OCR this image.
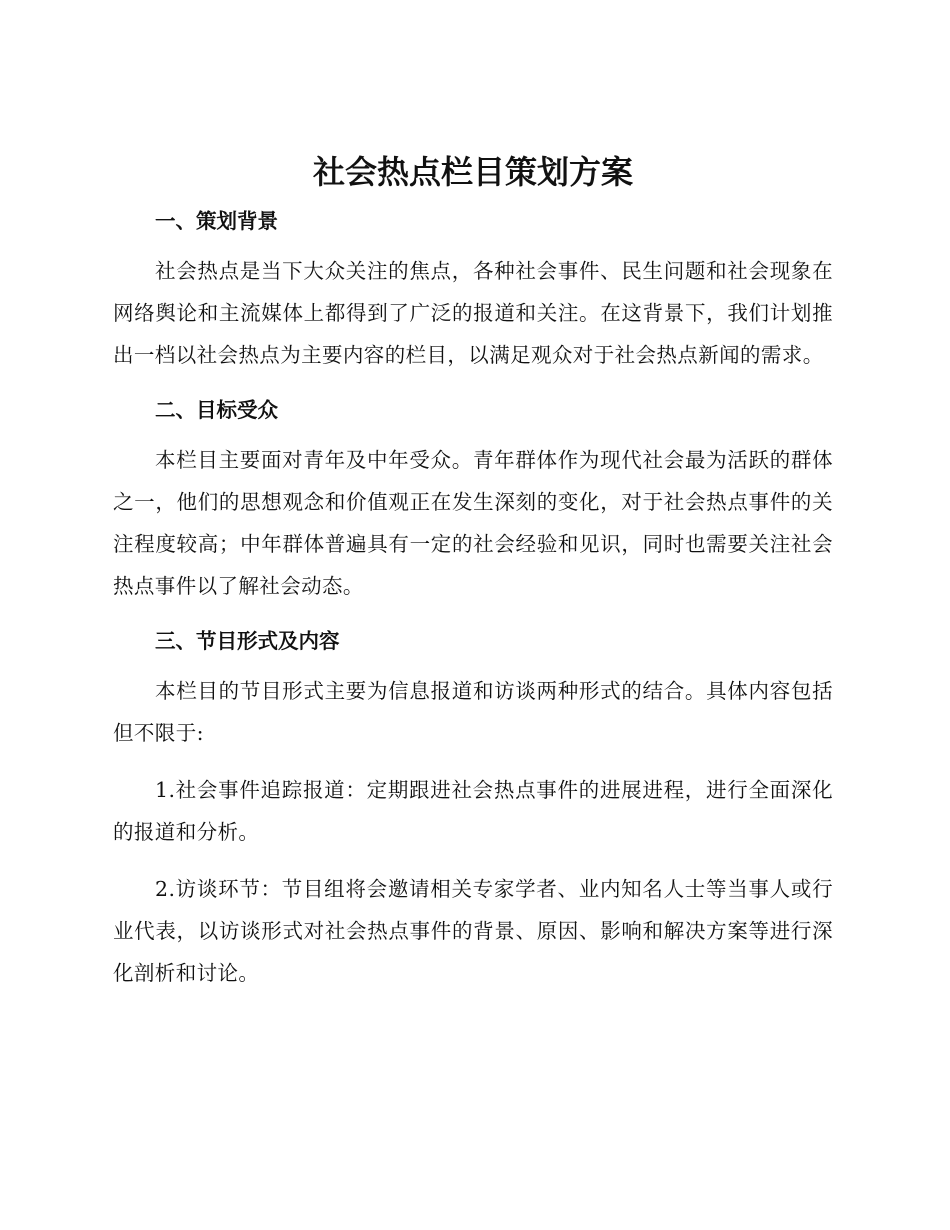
社会热点栏目策划方案
一、策划背景

社会热点是当下大众关注的焦点，各种社会事件、民生问题和社会现象在网络舆论和主流媒体上都得到了广泛的报道和关注。在这背景下，我们计划推出一档以社会热点为主要内容的栏目，以满足观众对于社会热点新闻的需求。

二、目标受众

本栏目主要面对青年及中年受众。青年群体作为现代社会最为活跃的群体之一，他们的思想观念和价值观正在发生深刻的变化，对于社会热点事件的关注程度较高；中年群体普遍具有一定的社会经验和见识，同时也需要关注社会热点事件以了解社会动态。

三、节目形式及内容

本栏目的节目形式主要为信息报道和访谈两种形式的结合。具体内容包括但不限于:

1.社会事件追踪报道：定期跟进社会热点事件的进展进程，进行全面深化的报道和分析。

2.访谈环节：节目组将会邀请相关专家学者、业内知名人士等当事人或行业代表，以访谈形式对社会热点事件的背景、原因、影响和解决方案等进行深化剖析和讨论。
